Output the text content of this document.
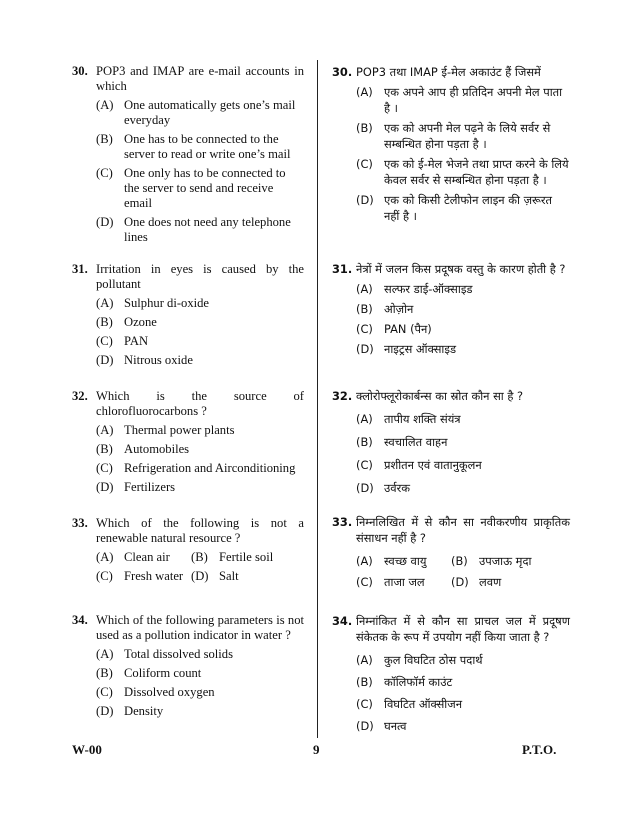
30. POP3 and IMAP are e-mail accounts in which
(A) One automatically gets one’s mail everyday
(B) One has to be connected to the server to read or write one’s mail
(C) One only has to be connected to the server to send and receive email
(D) One does not need any telephone lines
31. Irritation in eyes is caused by the pollutant
(A) Sulphur di-oxide
(B) Ozone
(C) PAN
(D) Nitrous oxide
32. Which is the source of chlorofluorocarbons ?
(A) Thermal power plants
(B) Automobiles
(C) Refrigeration and Airconditioning
(D) Fertilizers
33. Which of the following is not a renewable natural resource ?
(A) Clean air (B) Fertile soil
(C) Fresh water (D) Salt
34. Which of the following parameters is not used as a pollution indicator in water ?
(A) Total dissolved solids
(B) Coliform count
(C) Dissolved oxygen
(D) Density
30. POP3 तथा IMAP ई-मेल अकाउंट हैं जिसमें
(A) एक अपने आप ही प्रतिदिन अपनी मेल पाता है ।
(B) एक को अपनी मेल पढ़ने के लिये सर्वर से सम्बन्धित होना पड़ता है ।
(C) एक को ई-मेल भेजने तथा प्राप्त करने के लिये केवल सर्वर से सम्बन्धित होना पड़ता है ।
(D) एक को किसी टेलीफोन लाइन की ज़रूरत नहीं है ।
31. नेत्रों में जलन किस प्रदूषक वस्तु के कारण होती है ?
(A) सल्फर डाई-ऑक्साइड
(B) ओज़ोन
(C) PAN (पैन)
(D) नाइट्रस ऑक्साइड
32. क्लोरोफ्लूरोकार्बन्स का स्रोत कौन सा है ?
(A) तापीय शक्ति संयंत्र
(B) स्वचालित वाहन
(C) प्रशीतन एवं वातानुकूलन
(D) उर्वरक
33. निम्नलिखित में से कौन सा नवीकरणीय प्राकृतिक संसाधन नहीं है ?
(A) स्वच्छ वायु (B) उपजाऊ मृदा
(C) ताजा जल (D) लवण
34. निम्नांकित में से कौन सा प्राचल जल में प्रदूषण संकेतक के रूप में उपयोग नहीं किया जाता है ?
(A) कुल विघटित ठोस पदार्थ
(B) कॉलिफॉर्म काउंट
(C) विघटित ऑक्सीजन
(D) घनत्व
W-00	9	P.T.O.
